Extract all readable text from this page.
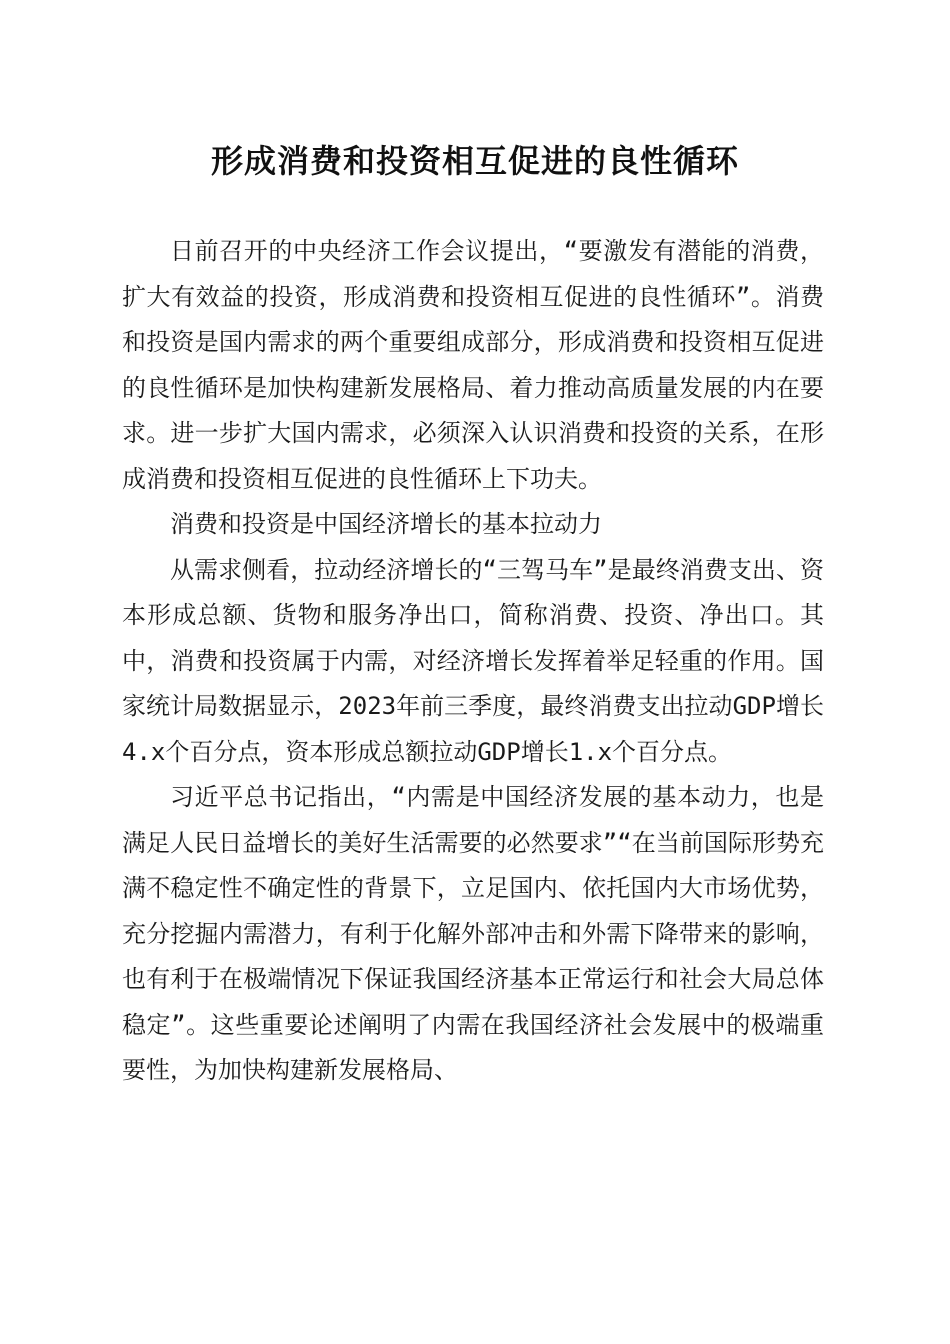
形成消费和投资相互促进的良性循环

日前召开的中央经济工作会议提出，“要激发有潜能的消费，扩大有效益的投资，形成消费和投资相互促进的良性循环”。消费和投资是国内需求的两个重要组成部分，形成消费和投资相互促进的良性循环是加快构建新发展格局、着力推动高质量发展的内在要求。进一步扩大国内需求，必须深入认识消费和投资的关系，在形成消费和投资相互促进的良性循环上下功夫。

消费和投资是中国经济增长的基本拉动力

从需求侧看，拉动经济增长的“三驾马车”是最终消费支出、资本形成总额、货物和服务净出口，简称消费、投资、净出口。其中，消费和投资属于内需，对经济增长发挥着举足轻重的作用。国家统计局数据显示，2023年前三季度，最终消费支出拉动GDP增长4.x个百分点，资本形成总额拉动GDP增长1.x个百分点。

习近平总书记指出，“内需是中国经济发展的基本动力，也是满足人民日益增长的美好生活需要的必然要求”“在当前国际形势充满不稳定性不确定性的背景下，立足国内、依托国内大市场优势，充分挖掘内需潜力，有利于化解外部冲击和外需下降带来的影响，也有利于在极端情况下保证我国经济基本正常运行和社会大局总体稳定”。这些重要论述阐明了内需在我国经济社会发展中的极端重要性，为加快构建新发展格局、
